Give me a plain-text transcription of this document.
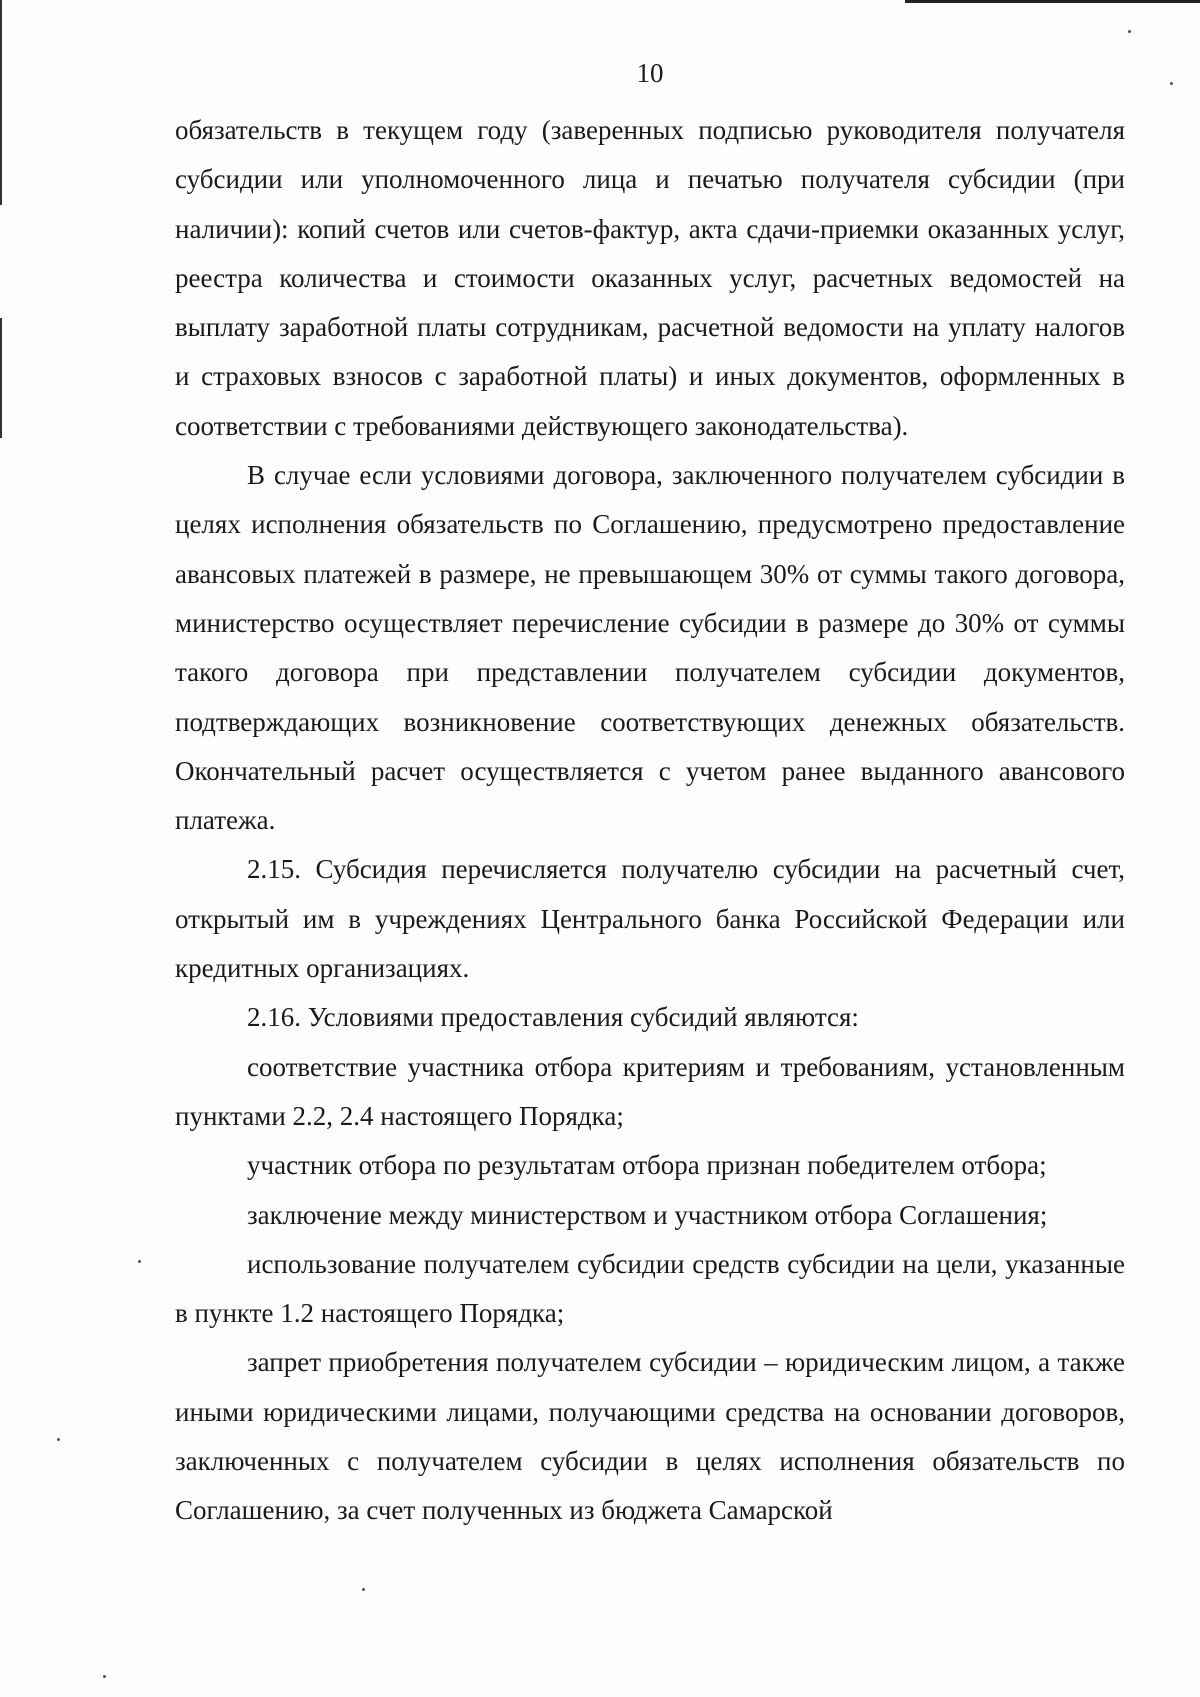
10

обязательств в текущем году (заверенных подписью руководителя получателя субсидии или уполномоченного лица и печатью получателя субсидии (при наличии): копий счетов или счетов-фактур, акта сдачи-приемки оказанных услуг, реестра количества и стоимости оказанных услуг, расчетных ведомостей на выплату заработной платы сотрудникам, расчетной ведомости на уплату налогов и страховых взносов с заработной платы) и иных документов, оформленных в соответствии с требованиями действующего законодательства).

В случае если условиями договора, заключенного получателем субсидии в целях исполнения обязательств по Соглашению, предусмотрено предоставление авансовых платежей в размере, не превышающем 30% от суммы такого договора, министерство осуществляет перечисление субсидии в размере до 30% от суммы такого договора при представлении получателем субсидии документов, подтверждающих возникновение соответствующих денежных обязательств. Окончательный расчет осуществляется с учетом ранее выданного авансового платежа.

2.15. Субсидия перечисляется получателю субсидии на расчетный счет, открытый им в учреждениях Центрального банка Российской Федерации или кредитных организациях.

2.16. Условиями предоставления субсидий являются:

соответствие участника отбора критериям и требованиям, установленным пунктами 2.2, 2.4 настоящего Порядка;

участник отбора по результатам отбора признан победителем отбора;

заключение между министерством и участником отбора Соглашения;

использование получателем субсидии средств субсидии на цели, указанные в пункте 1.2 настоящего Порядка;

запрет приобретения получателем субсидии – юридическим лицом, а также иными юридическими лицами, получающими средства на основании договоров, заключенных с получателем субсидии в целях исполнения обязательств по Соглашению, за счет полученных из бюджета Самарской
